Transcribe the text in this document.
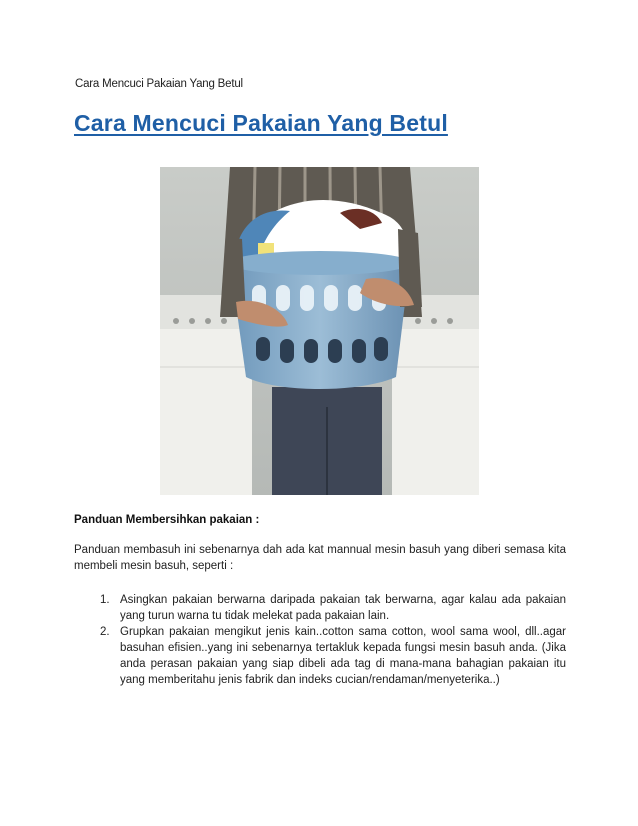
Cara Mencuci Pakaian Yang Betul
Cara Mencuci Pakaian Yang Betul
Panduan Membersihkan pakaian :

Panduan membasuh ini sebenarnya dah ada kat mannual mesin basuh yang diberi semasa kita membeli mesin basuh, seperti :

1. Asingkan pakaian berwarna daripada pakaian tak berwarna, agar kalau ada pakaian yang turun warna tu tidak melekat pada pakaian lain.
2. Grupkan pakaian mengikut jenis kain..cotton sama cotton, wool sama wool, dll..agar basuhan efisien..yang ini sebenarnya tertakluk kepada fungsi mesin basuh anda. (Jika anda perasan pakaian yang siap dibeli ada tag di mana-mana bahagian pakaian itu yang memberitahu jenis fabrik dan indeks cucian/rendaman/menyeterika..)
